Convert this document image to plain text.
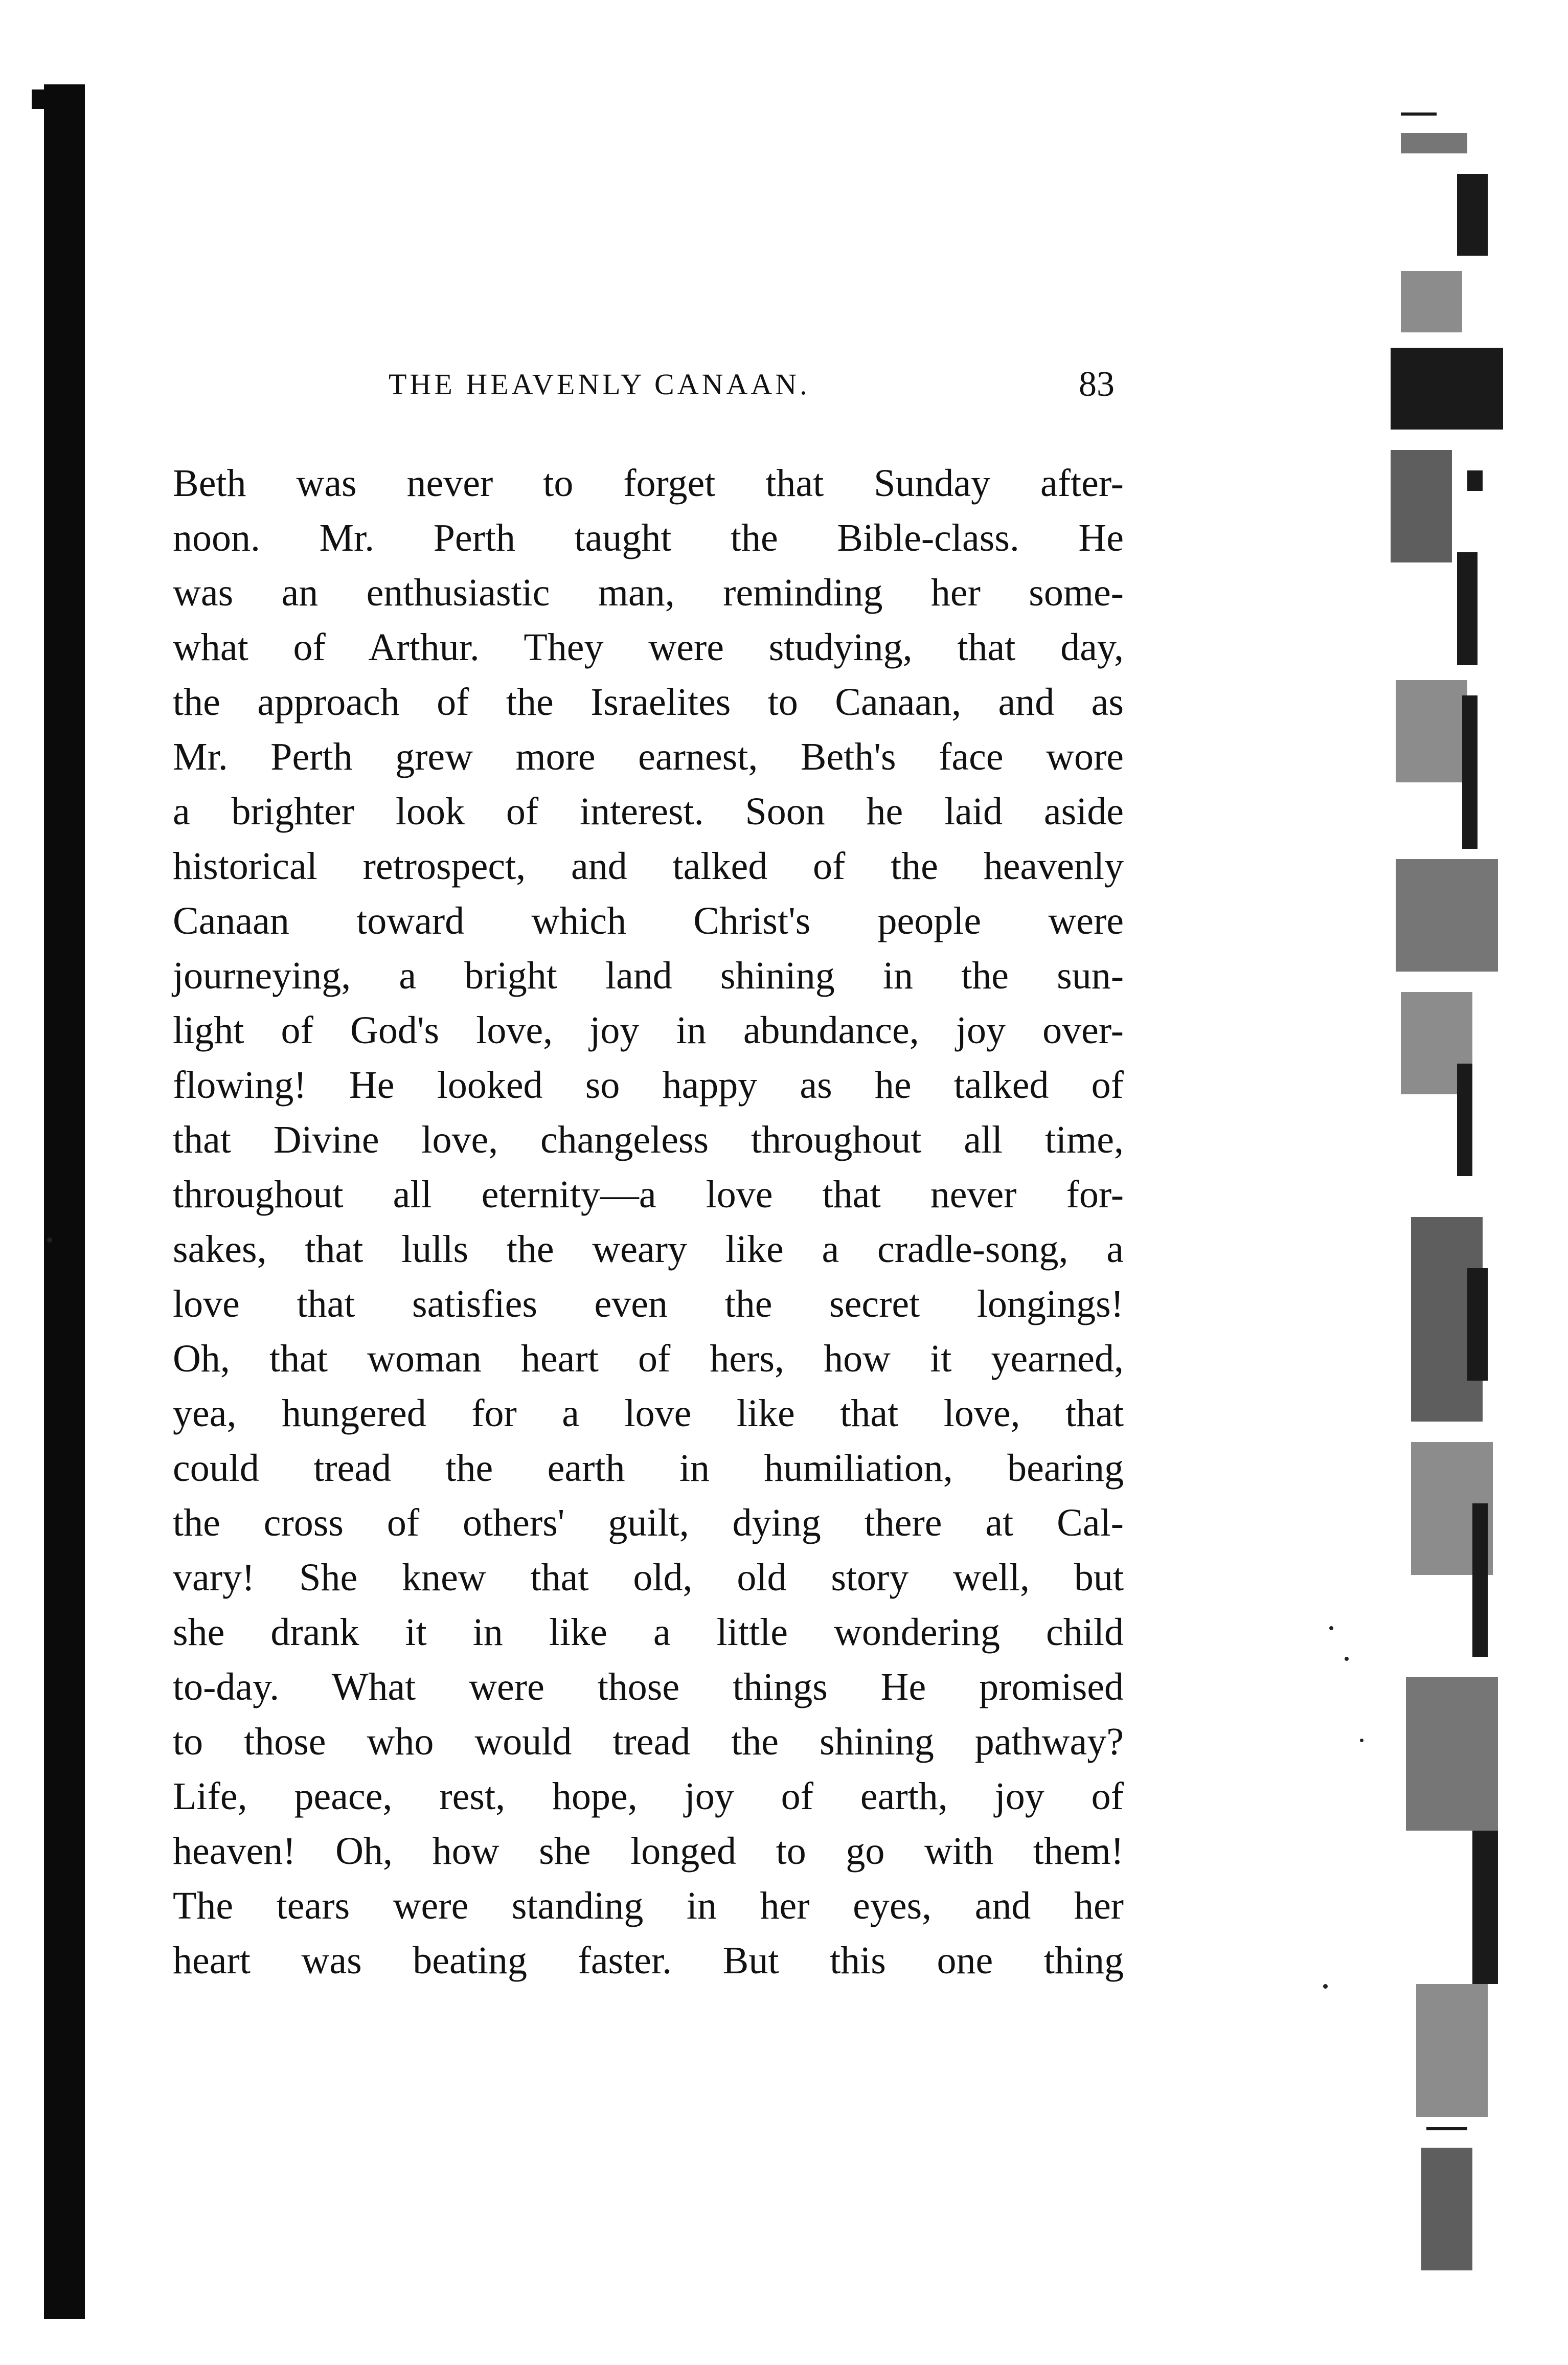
THE HEAVENLY CANAAN.	83
Beth was never to forget that Sunday after-
noon. Mr. Perth taught the Bible-class. He
was an enthusiastic man, reminding her some-
what of Arthur. They were studying, that day,
the approach of the Israelites to Canaan, and as
Mr. Perth grew more earnest, Beth's face wore
a brighter look of interest. Soon he laid aside
historical retrospect, and talked of the heavenly
Canaan toward which Christ's people were
journeying, a bright land shining in the sun-
light of God's love, joy in abundance, joy over-
flowing! He looked so happy as he talked of
that Divine love, changeless throughout all time,
throughout all eternity—a love that never for-
sakes, that lulls the weary like a cradle-song, a
love that satisfies even the secret longings!
Oh, that woman heart of hers, how it yearned,
yea, hungered for a love like that love, that
could tread the earth in humiliation, bearing
the cross of others' guilt, dying there at Cal-
vary! She knew that old, old story well, but
she drank it in like a little wondering child
to-day. What were those things He promised
to those who would tread the shining pathway?
Life, peace, rest, hope, joy of earth, joy of
heaven! Oh, how she longed to go with them!
The tears were standing in her eyes, and her
heart was beating faster. But this one thing
